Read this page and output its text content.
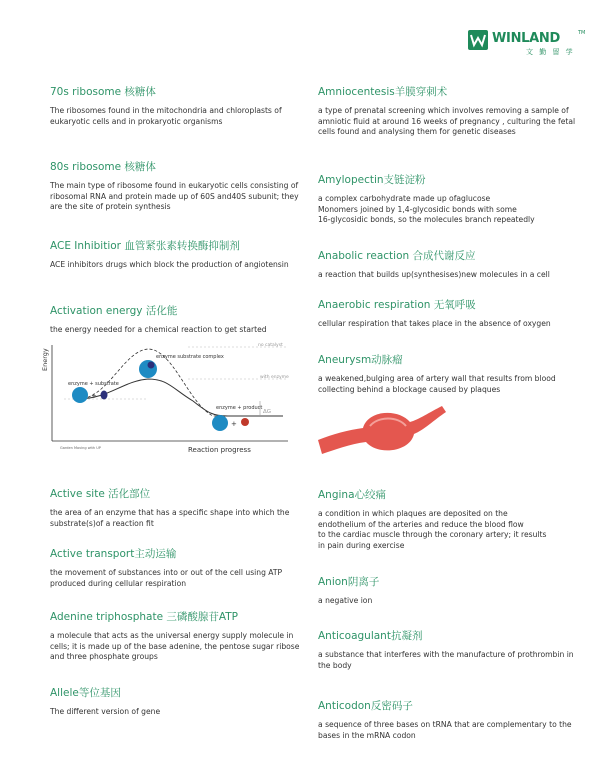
WINLAND	TM
文 勤 留 学

70s ribosome 核糖体

The ribosomes found in the mitochondria and chloroplasts of eukaryotic cells and in prokaryotic organisms

80s ribosome 核糖体

The main type of ribosome found in eukaryotic cells consisting of ribosomal RNA and protein made up of 60S and40S subunit; they are the site of protein synthesis

ACE Inhibitior 血管紧张素转换酶抑制剂

ACE inhibitors drugs which block the production of angiotensin

Activation energy 活化能

the energy needed for a chemical reaction to get started

Energy
Reaction progress
no catalyst
with enzyme
enzyme substrate complex
enzyme + substrate
+
enzyme + product
+
ΔG
Garden Moving with UP

Active site 活化部位

the area of an enzyme that has a specific shape into which the substrate(s)of a reaction fit

Active transport主动运输

the movement of substances into or out of the cell using ATP produced during cellular respiration

Adenine triphosphate 三磷酸腺苷ATP

a molecule that acts as the universal energy supply molecule in cells; it is made up of the base adenine, the pentose sugar ribose and three phosphate groups

Allele等位基因

The different version of gene

Amniocentesis羊膜穿刺术

a type of prenatal screening which involves removing a sample of amniotic fluid at around 16 weeks of pregnancy , culturing the fetal cells found and analysing them for genetic diseases

Amylopectin支链淀粉

a complex carbohydrate made up ofaglucose
Monomers joined by 1,4-glycosidic bonds with some
16-glycosidic bonds, so the molecules branch repeatedly

Anabolic reaction 合成代谢反应

a reaction that builds up(synthesises)new molecules in a cell

Anaerobic respiration 无氧呼吸

cellular respiration that takes place in the absence of oxygen

Aneurysm动脉瘤

a weakened,bulging area of artery wall that results from blood collecting behind a blockage caused by plaques

Angina心绞痛

a condition in which plaques are deposited on the
endothelium of the arteries and reduce the blood flow
to the cardiac muscle through the coronary artery; it results
in pain during exercise

Anion阴离子

a negative ion

Anticoagulant抗凝剂

a substance that interferes with the manufacture of prothrombin in the body

Anticodon反密码子

a sequence of three bases on tRNA that are complementary to the bases in the mRNA codon
